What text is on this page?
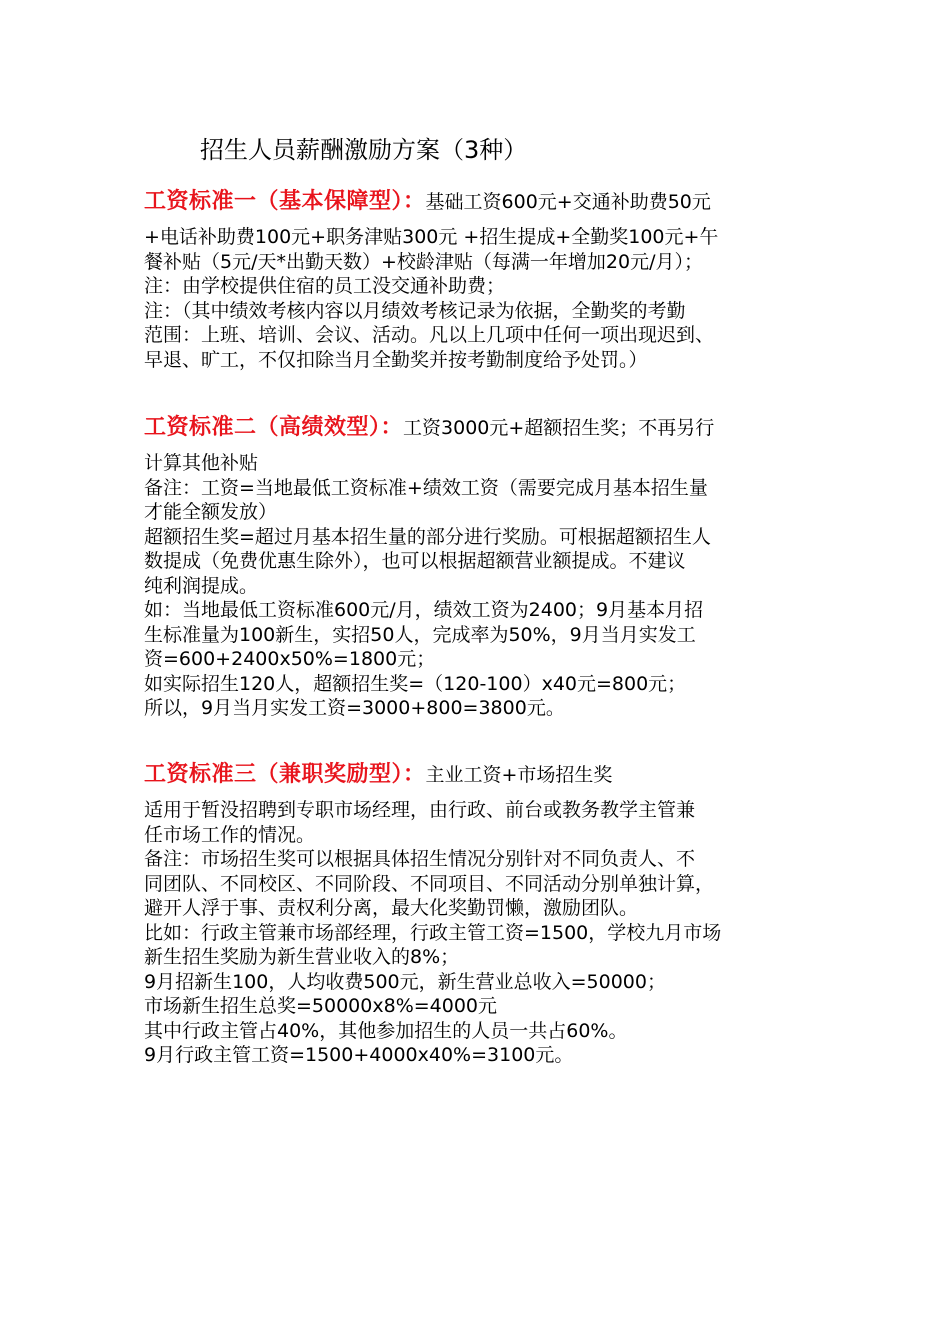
招生人员薪酬激励方案（3种）
工资标准一（基本保障型）：基础工资600元+交通补助费50元
+电话补助费100元+职务津贴300元 +招生提成+全勤奖100元+午
餐补贴（5元/天*出勤天数）+校龄津贴（每满一年增加20元/月）；
注：由学校提供住宿的员工没交通补助费；
注：（其中绩效考核内容以月绩效考核记录为依据，全勤奖的考勤
范围：上班、培训、会议、活动。凡以上几项中任何一项出现迟到、
早退、旷工，不仅扣除当月全勤奖并按考勤制度给予处罚。）
工资标准二（高绩效型）：工资3000元+超额招生奖；不再另行
计算其他补贴
备注：工资=当地最低工资标准+绩效工资（需要完成月基本招生量
才能全额发放）
超额招生奖=超过月基本招生量的部分进行奖励。可根据超额招生人
数提成（免费优惠生除外），也可以根据超额营业额提成。不建议
纯利润提成。
如：当地最低工资标准600元/月，绩效工资为2400；9月基本月招
生标准量为100新生，实招50人，完成率为50%，9月当月实发工
资=600+2400x50%=1800元；
如实际招生120人，超额招生奖=（120-100）x40元=800元；
所以，9月当月实发工资=3000+800=3800元。
工资标准三（兼职奖励型）：主业工资+市场招生奖
适用于暂没招聘到专职市场经理，由行政、前台或教务教学主管兼
任市场工作的情况。
备注：市场招生奖可以根据具体招生情况分别针对不同负责人、不
同团队、不同校区、不同阶段、不同项目、不同活动分别单独计算，
避开人浮于事、责权利分离，最大化奖勤罚懒，激励团队。
比如：行政主管兼市场部经理，行政主管工资=1500，学校九月市场
新生招生奖励为新生营业收入的8%；
9月招新生100，人均收费500元，新生营业总收入=50000；
市场新生招生总奖=50000x8%=4000元
其中行政主管占40%，其他参加招生的人员一共占60%。
9月行政主管工资=1500+4000x40%=3100元。
